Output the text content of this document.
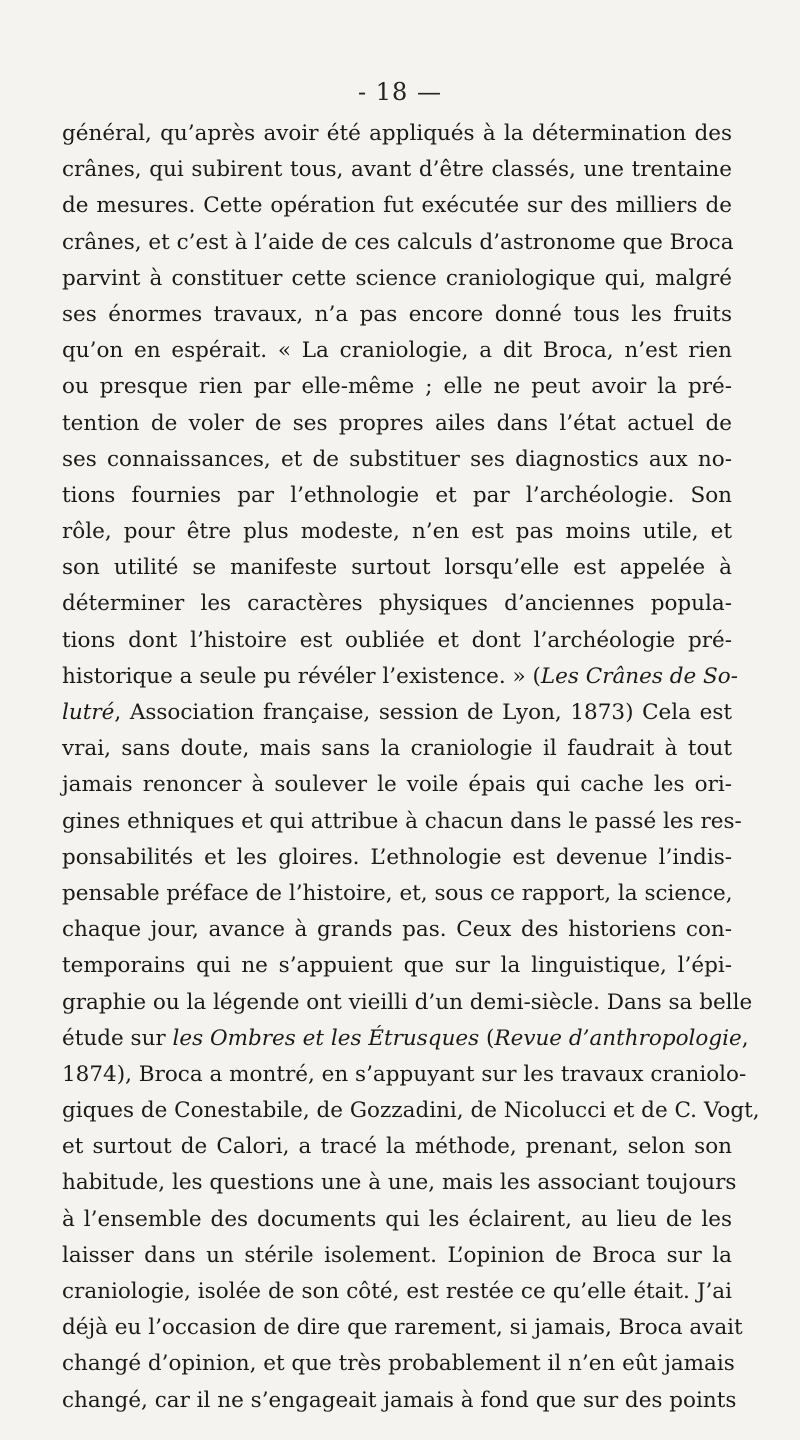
- 18 —
général, qu’après avoir été appliqués à la détermination des
crânes, qui subirent tous, avant d’être classés, une trentaine
de mesures. Cette opération fut exécutée sur des milliers de
crânes, et c’est à l’aide de ces calculs d’astronome que Broca
parvint à constituer cette science craniologique qui, malgré
ses énormes travaux, n’a pas encore donné tous les fruits
qu’on en espérait. « La craniologie, a dit Broca, n’est rien
ou presque rien par elle-même ; elle ne peut avoir la pré-
tention de voler de ses propres ailes dans l’état actuel de
ses connaissances, et de substituer ses diagnostics aux no-
tions fournies par l’ethnologie et par l’archéologie. Son
rôle, pour être plus modeste, n’en est pas moins utile, et
son utilité se manifeste surtout lorsqu’elle est appelée à
déterminer les caractères physiques d’anciennes popula-
tions dont l’histoire est oubliée et dont l’archéologie pré-
historique a seule pu révéler l’existence. » (Les Crânes de So-
lutré, Association française, session de Lyon, 1873) Cela est
vrai, sans doute, mais sans la craniologie il faudrait à tout
jamais renoncer à soulever le voile épais qui cache les ori-
gines ethniques et qui attribue à chacun dans le passé les res-
ponsabilités et les gloires. L’ethnologie est devenue l’indis-
pensable préface de l’histoire, et, sous ce rapport, la science,
chaque jour, avance à grands pas. Ceux des historiens con-
temporains qui ne s’appuient que sur la linguistique, l’épi-
graphie ou la légende ont vieilli d’un demi-siècle. Dans sa belle
étude sur les Ombres et les Étrusques (Revue d’anthropologie,
1874), Broca a montré, en s’appuyant sur les travaux craniolo-
giques de Conestabile, de Gozzadini, de Nicolucci et de C. Vogt,
et surtout de Calori, a tracé la méthode, prenant, selon son
habitude, les questions une à une, mais les associant toujours
à l’ensemble des documents qui les éclairent, au lieu de les
laisser dans un stérile isolement. L’opinion de Broca sur la
craniologie, isolée de son côté, est restée ce qu’elle était. J’ai
déjà eu l’occasion de dire que rarement, si jamais, Broca avait
changé d’opinion, et que très probablement il n’en eût jamais
changé, car il ne s’engageait jamais à fond que sur des points
